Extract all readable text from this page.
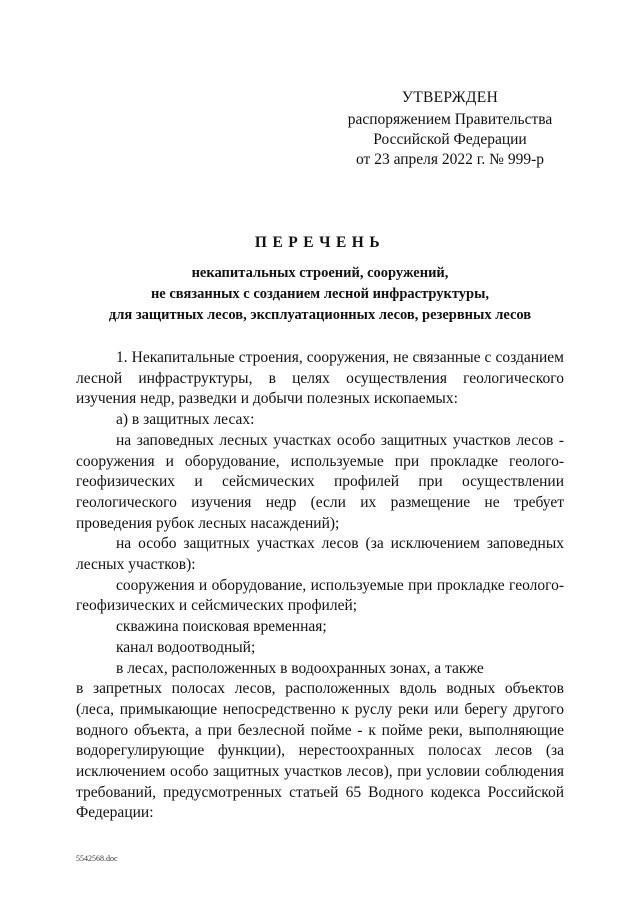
УТВЕРЖДЕН
распоряжением Правительства
Российской Федерации
от 23 апреля 2022 г. № 999-р
ПЕРЕЧЕНЬ
некапитальных строений, сооружений,
не связанных с созданием лесной инфраструктуры,
для защитных лесов, эксплуатационных лесов, резервных лесов

1. Некапитальные строения, сооружения, не связанные с созданием лесной инфраструктуры, в целях осуществления геологического изучения недр, разведки и добычи полезных ископаемых:

а) в защитных лесах:

на заповедных лесных участках особо защитных участков лесов - сооружения и оборудование, используемые при прокладке геолого-геофизических и сейсмических профилей при осуществлении геологического изучения недр (если их размещение не требует проведения рубок лесных насаждений);

на особо защитных участках лесов (за исключением заповедных лесных участков):

сооружения и оборудование, используемые при прокладке геолого-геофизических и сейсмических профилей;

скважина поисковая временная;

канал водоотводный;

в лесах, расположенных в водоохранных зонах, а также

в запретных полосах лесов, расположенных вдоль водных объектов (леса, примыкающие непосредственно к руслу реки или берегу другого водного объекта, а при безлесной пойме - к пойме реки, выполняющие водорегулирующие функции), нерестоохранных полосах лесов (за исключением особо защитных участков лесов), при условии соблюдения требований, предусмотренных статьей 65 Водного кодекса Российской Федерации:

5542568.doc
